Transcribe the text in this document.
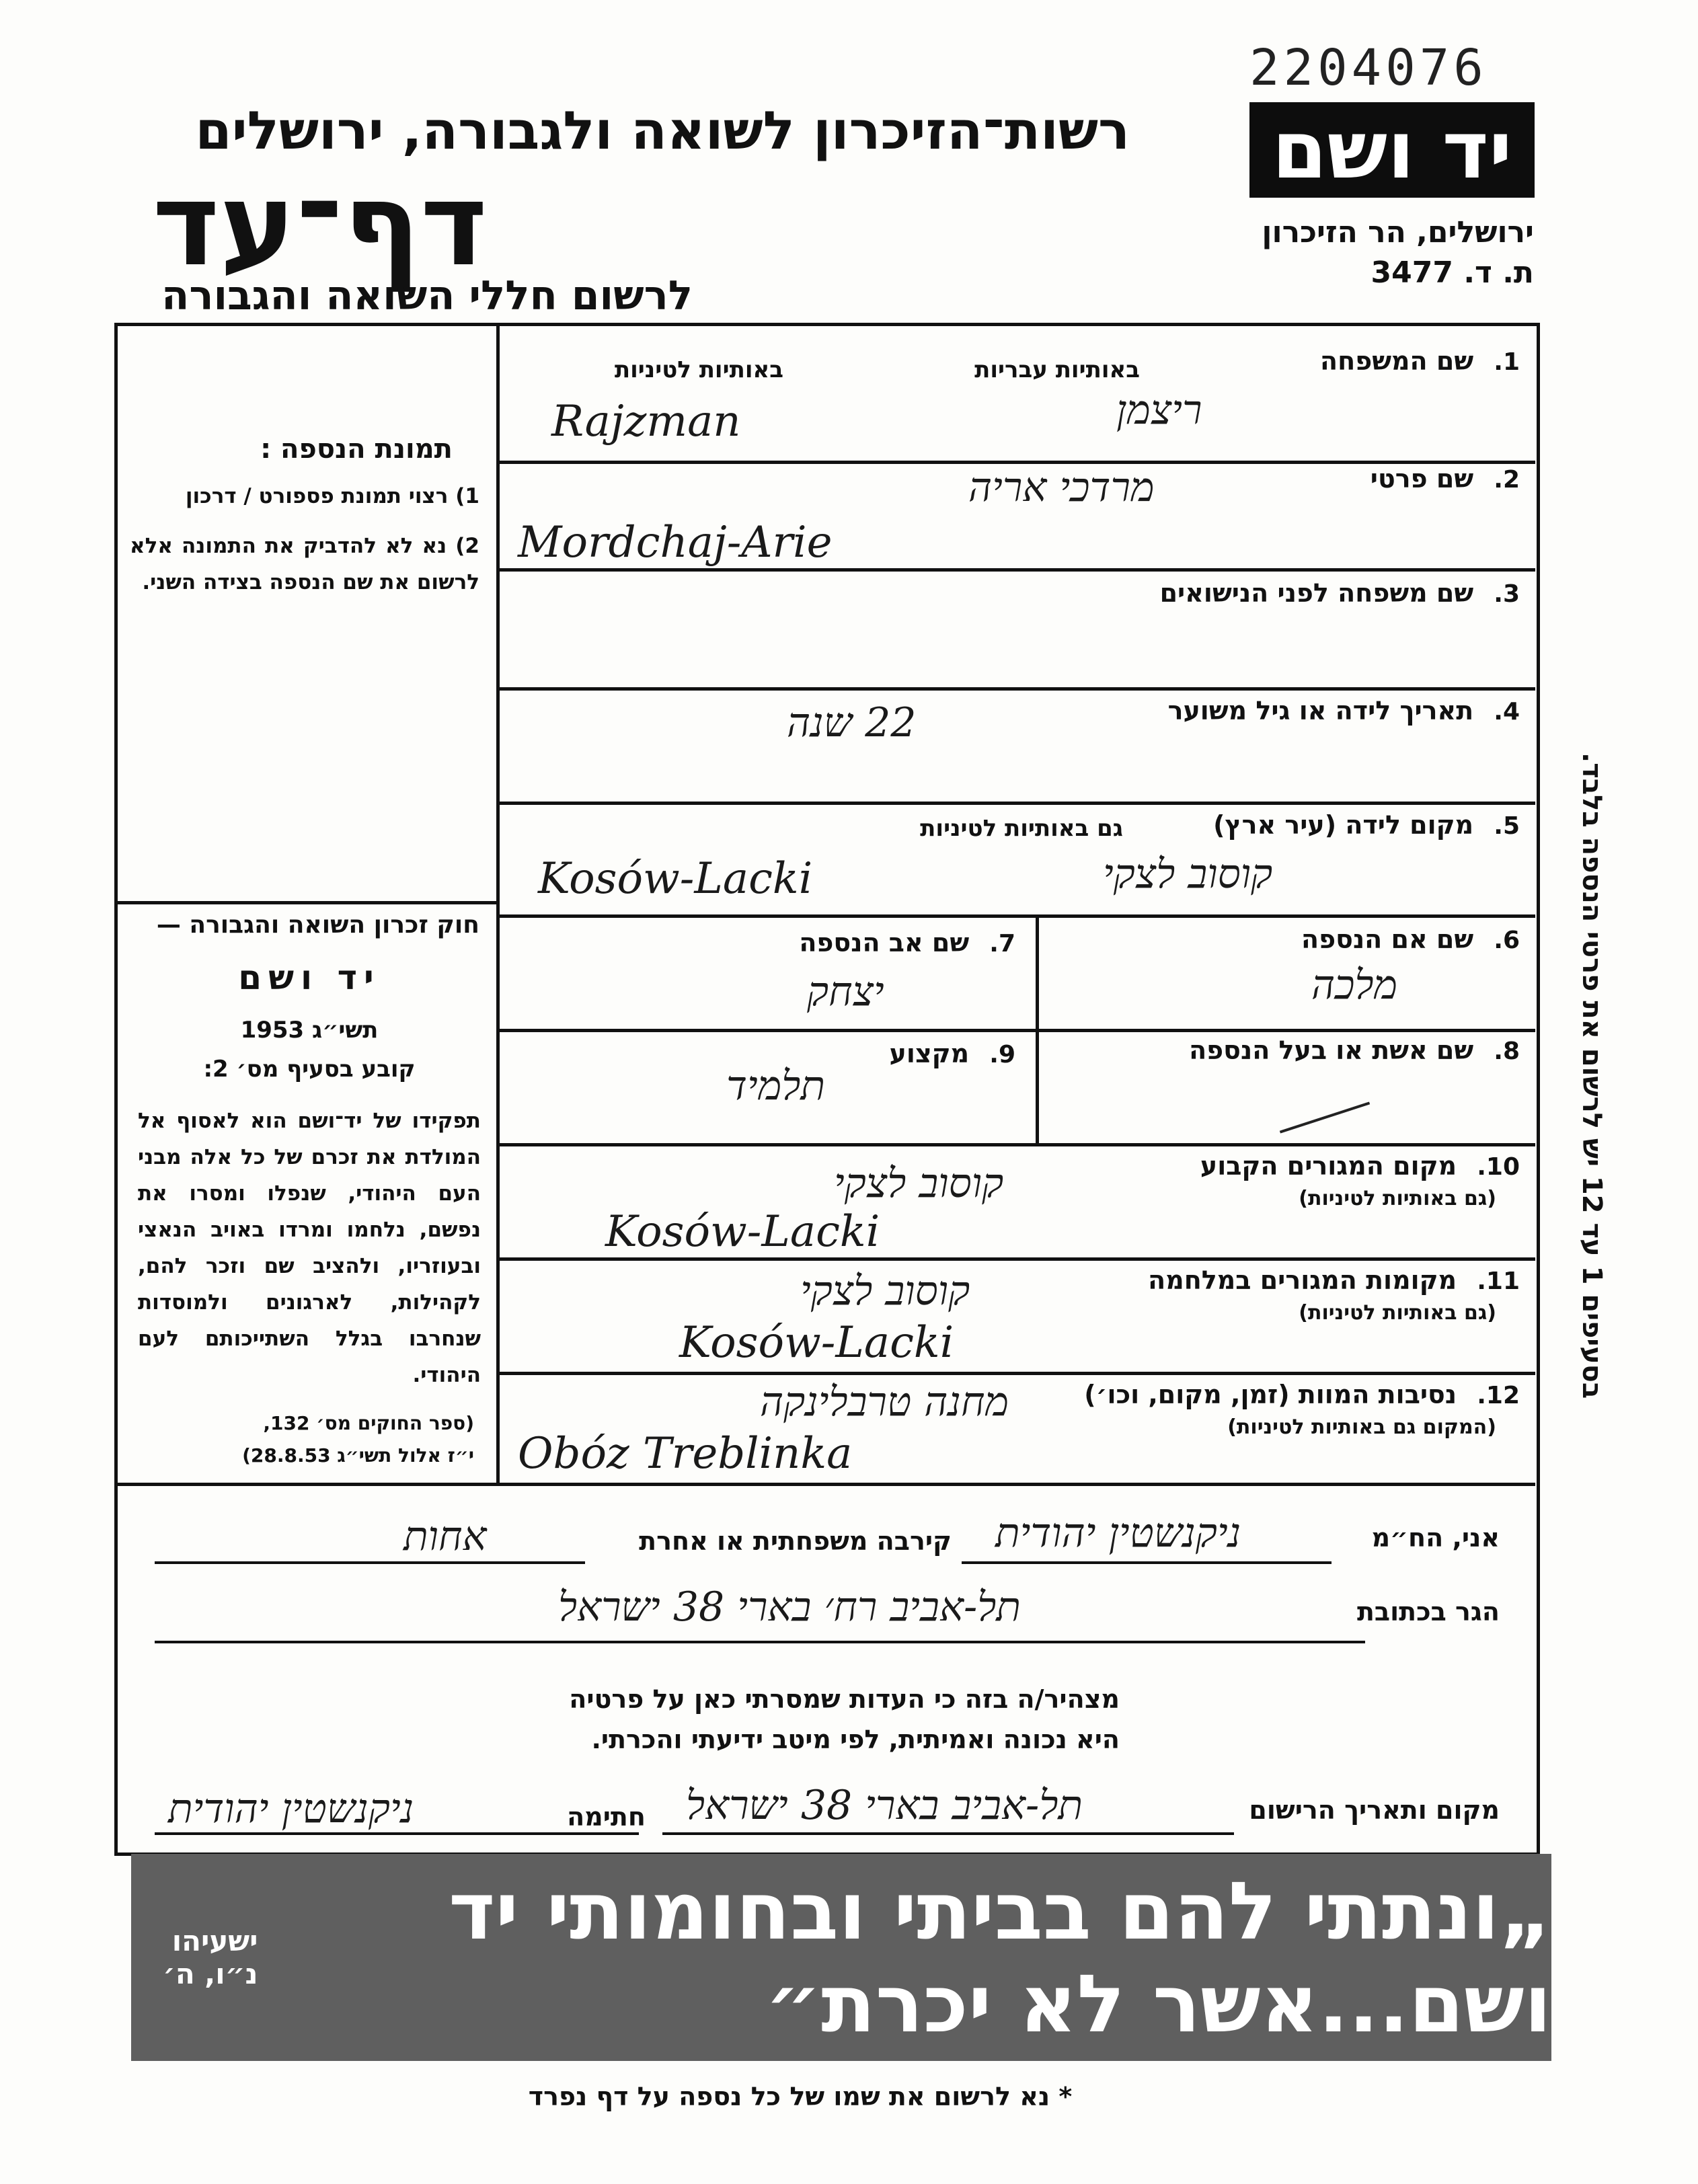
2204076
יד ושם
ירושלים, הר הזיכרון
ת. ד. 3477
רשות־הזיכרון לשואה ולגבורה, ירושלים
דף־עד
לרשום חללי השואה והגבורה
תמונת הנספה :
1) רצוי תמונת פספורט / דרכון
2) נא לא להדביק את התמונה אלא לרשום את שם הנספה בצידה השני.
חוק זכרון השואה והגבורה —
יד ושם
תשי״ג 1953
קובע בסעיף מס׳ 2:
תפקידו של יד־ושם הוא לאסוף אל המולדת את זכרם של כל אלה מבני העם היהודי, שנפלו ומסרו את נפשם, נלחמו ומרדו באויב הנאצי ובעוזריו, ולהציב שם וזכר להם, לקהילות, לארגונים ולמוסדות שנחרבו בגלל השתייכותם לעם היהודי.
(ספר החוקים מס׳ 132,
י״ז אלול תשי״ג 28.8.53)
1. שם המשפחה
באותיות עבריות
באותיות לטיניות
ריצמן
Rajzman
2. שם פרטי
מרדכי אריה
Mordchaj-Arie
3. שם משפחה לפני הנישואים
4. תאריך לידה או גיל משוער
22 שנה
5. מקום לידה (עיר ארץ)
גם באותיות לטיניות
קוסוב לצקי
Kosów-Lacki
6. שם אם הנספה
מלכה
7. שם אב הנספה
יצחק
8. שם אשת או בעל הנספה
9. מקצוע
תלמיד
10. מקום המגורים הקבוע
(גם באותיות לטיניות)
קוסוב לצקי
Kosów-Lacki
11. מקומות המגורים במלחמה
(גם באותיות לטיניות)
קוסוב לצקי
Kosów-Lacki
12. נסיבות המוות (זמן, מקום, וכו׳)
(המקום גם באותיות לטיניות)
מחנה טרבלינקה
Obóz Treblinka
אני, הח״מ
ניקנשטין יהודית
קירבה משפחתית או אחרת
אחות
הגר בכתובת
תל-אביב רח׳ בארי 38 ישראל
מצהיר/ה בזה כי העדות שמסרתי כאן על פרטיה
היא נכונה ואמיתית, לפי מיטב ידיעתי והכרתי.
מקום ותאריך הרישום
תל-אביב בארי 38 ישראל
חתימה
ניקנשטין יהודית
„ונתתי להם בביתי ובחומותי יד ושם...אשר לא יכרת״
ישעיהו נ״ו, ה׳
בסעיפים 1 עד 12 יש לרשום את פרטי הנספה בלבד.
* נא לרשום את שמו של כל נספה על דף נפרד
